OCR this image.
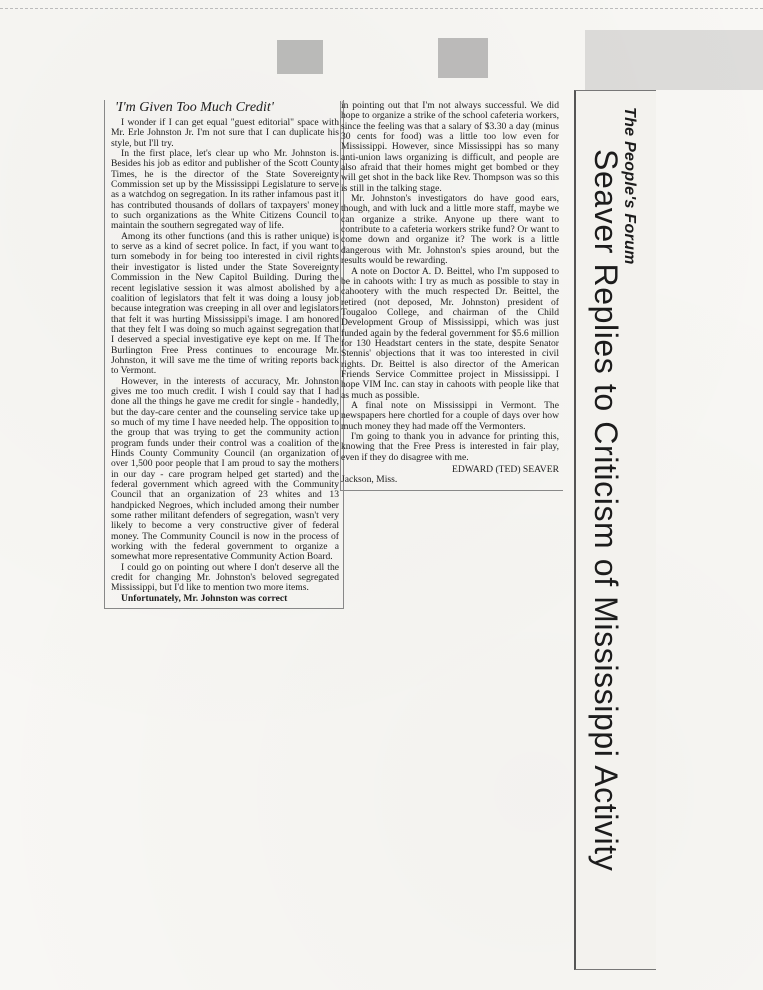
'I'm Given Too Much Credit'

I wonder if I can get equal "guest editorial" space with Mr. Erle Johnston Jr. I'm not sure that I can duplicate his style, but I'll try.

In the first place, let's clear up who Mr. Johnston is. Besides his job as editor and publisher of the Scott County Times, he is the director of the State Sovereignty Commission set up by the Mississippi Legislature to serve as a watchdog on segregation. In its rather infamous past it has contributed thousands of dollars of taxpayers' money to such organizations as the White Citizens Council to maintain the southern segregated way of life.

Among its other functions (and this is rather unique) is to serve as a kind of secret police. In fact, if you want to turn somebody in for being too interested in civil rights their investigator is listed under the State Sovereignty Commission in the New Capitol Building. During the recent legislative session it was almost abolished by a coalition of legislators that felt it was doing a lousy job because integration was creeping in all over and legislators that felt it was hurting Mississippi's image. I am honored that they felt I was doing so much against segregation that I deserved a special investigative eye kept on me. If The Burlington Free Press continues to encourage Mr. Johnston, it will save me the time of writing reports back to Vermont.

However, in the interests of accuracy, Mr. Johnston gives me too much credit. I wish I could say that I had done all the things he gave me credit for single - handedly, but the day-care center and the counseling service take up so much of my time I have needed help. The opposition to the group that was trying to get the community action program funds under their control was a coalition of the Hinds County Community Council (an organization of over 1,500 poor people that I am proud to say the mothers in our day - care program helped get started) and the federal government which agreed with the Community Council that an organization of 23 whites and 13 handpicked Negroes, which included among their number some rather militant defenders of segregation, wasn't very likely to become a very constructive giver of federal money. The Community Council is now in the process of working with the federal government to organize a somewhat more representative Community Action Board.

I could go on pointing out where I don't deserve all the credit for changing Mr. Johnston's beloved segregated Mississippi, but I'd like to mention two more items.

Unfortunately, Mr. Johnston was correct

in pointing out that I'm not always successful. We did hope to organize a strike of the school cafeteria workers, since the feeling was that a salary of $3.30 a day (minus 30 cents for food) was a little too low even for Mississippi. However, since Mississippi has so many anti-union laws organizing is difficult, and people are also afraid that their homes might get bombed or they will get shot in the back like Rev. Thompson was so this is still in the talking stage.

Mr. Johnston's investigators do have good ears, though, and with luck and a little more staff, maybe we can organize a strike. Anyone up there want to contribute to a cafeteria workers strike fund? Or want to come down and organize it? The work is a little dangerous with Mr. Johnston's spies around, but the results would be rewarding.

A note on Doctor A. D. Beittel, who I'm supposed to be in cahoots with: I try as much as possible to stay in cahootery with the much respected Dr. Beittel, the retired (not deposed, Mr. Johnston) president of Tougaloo College, and chairman of the Child Development Group of Mississippi, which was just funded again by the federal government for $5.6 million for 130 Headstart centers in the state, despite Senator Stennis' objections that it was too interested in civil rights. Dr. Beittel is also director of the American Friends Service Committee project in Mississippi. I hope VIM Inc. can stay in cahoots with people like that as much as possible.

A final note on Mississippi in Vermont. The newspapers here chortled for a couple of days over how much money they had made off the Vermonters.

I'm going to thank you in advance for printing this, knowing that the Free Press is interested in fair play, even if they do disagree with me.

EDWARD (TED) SEAVER

Jackson, Miss.

The People's Forum
Seaver Replies to Criticism of Mississippi Activity
